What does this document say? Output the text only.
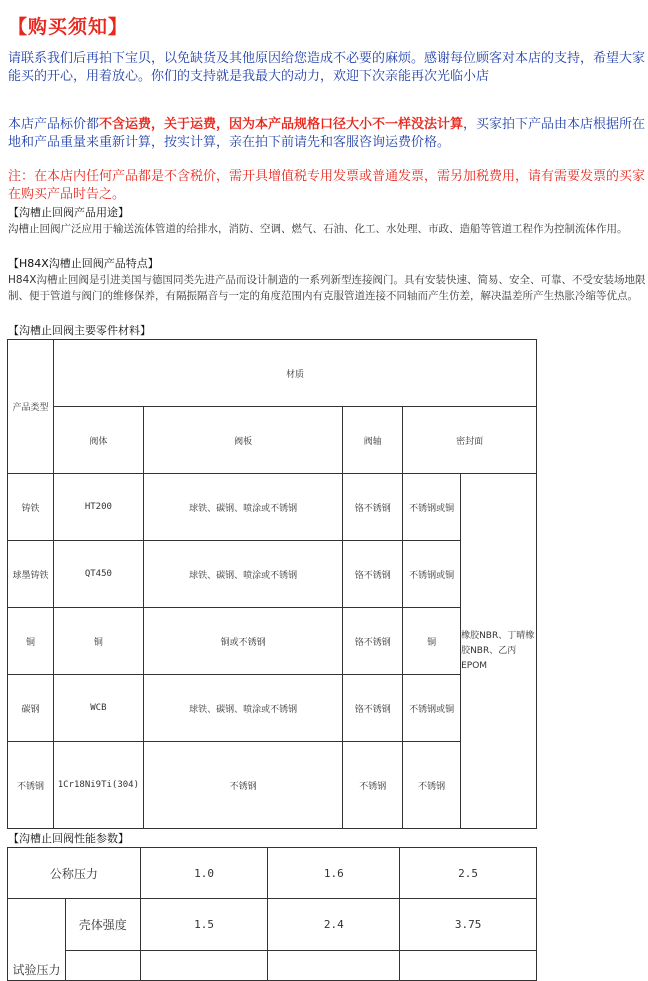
【购买须知】
请联系我们后再拍下宝贝，以免缺货及其他原因给您造成不必要的麻烦。感谢每位顾客对本店的支持，希望大家能买的开心，用着放心。你们的支持就是我最大的动力，欢迎下次亲能再次光临小店
本店产品标价都不含运费，关于运费，因为本产品规格口径大小不一样没法计算，买家拍下产品由本店根据所在地和产品重量来重新计算，按实计算，亲在拍下前请先和客服咨询运费价格。
注：在本店内任何产品都是不含税价，需开具增值税专用发票或普通发票，需另加税费用，请有需要发票的买家在购买产品时告之。
【沟槽止回阀产品用途】
沟槽止回阀广泛应用于输送流体管道的给排水，消防、空调、燃气、石油、化工、水处理、市政、造船等管道工程作为控制流体作用。
【H84X沟槽止回阀产品特点】
H84X沟槽止回阀是引进美国与德国同类先进产品而设计制造的一系列新型连接阀门。具有安装快速、简易、安全、可靠、不受安装场地限制、便于管道与阀门的维修保养，有隔振隔音与一定的角度范围内有克服管道连接不同轴而产生仿差，解决温差所产生热胀冷缩等优点。
【沟槽止回阀主要零件材料】
产品类型	材质				
	阀体	阀板	阀轴	密封面	
铸铁	HT200	球铁、碳钢、喷涂或不锈钢	铬不锈钢	不锈钢或铜	橡胶NBR、丁晴橡胶NBR、乙丙EPOM
球墨铸铁	QT450	球铁、碳钢、喷涂或不锈钢	铬不锈钢	不锈钢或铜	
铜	铜	铜或不锈钢	铬不锈钢	铜	
碳钢	WCB	球铁、碳钢、喷涂或不锈钢	铬不锈钢	不锈钢或铜	
不锈钢	1Cr18Ni9Ti(304)	不锈钢	不锈钢	不锈钢	
【沟槽止回阀性能参数】
公称压力		1.0	1.6	2.5
试验压力	壳体强度	1.5	2.4	3.75
